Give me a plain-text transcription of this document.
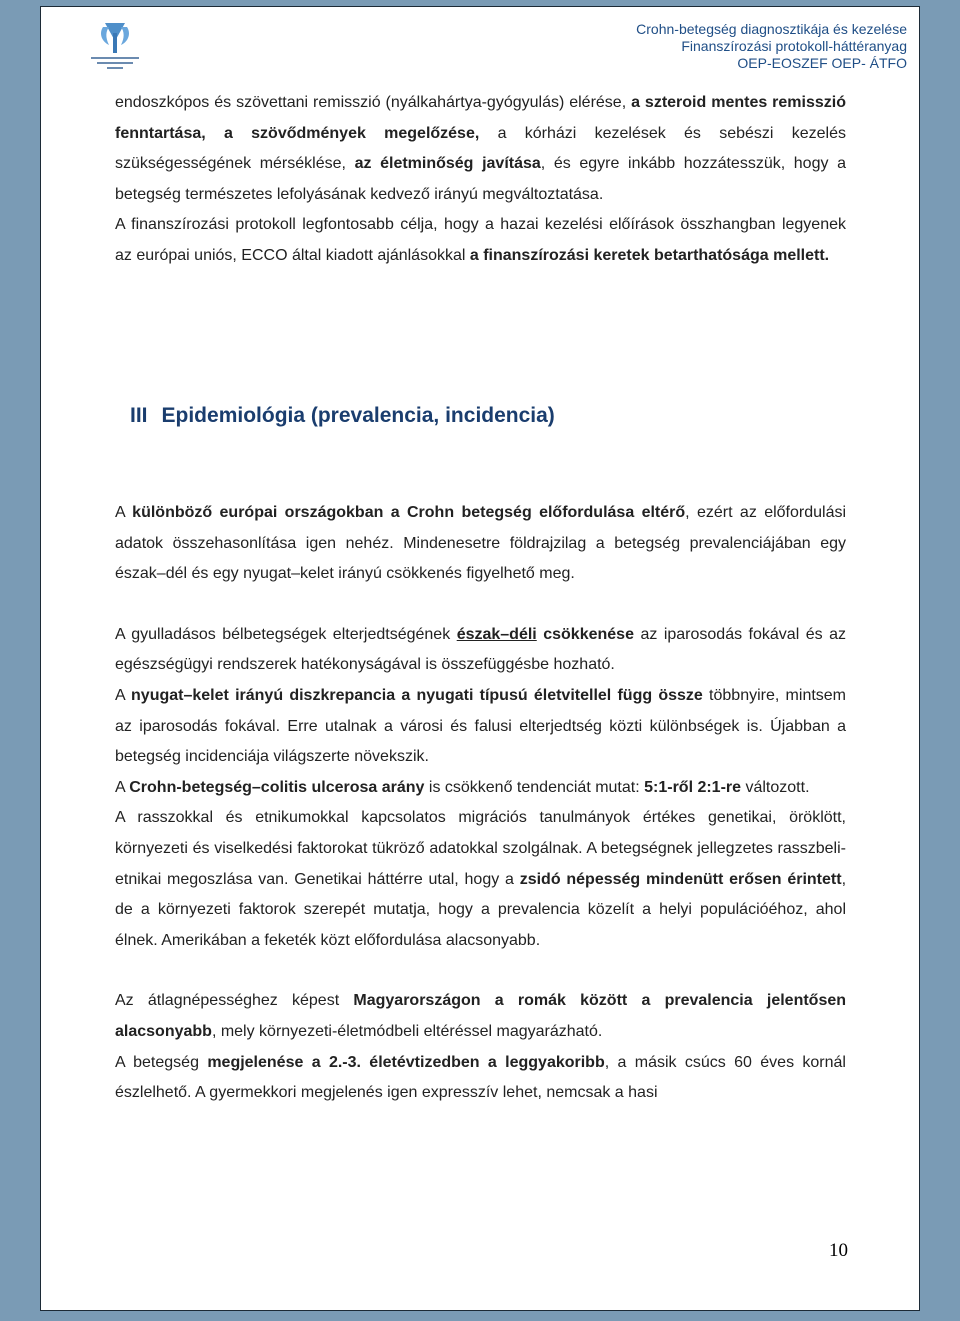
Crohn-betegség diagnosztikája és kezelése
Finanszírozási protokoll-háttéranyag
OEP-EOSZEF OEP- ÁTFO

endoszkópos és szövettani remisszió (nyálkahártya-gyógyulás) elérése, a szteroid mentes remisszió fenntartása, a szövődmények megelőzése, a kórházi kezelések és sebészi kezelés szükségességének mérséklése, az életminőség javítása, és egyre inkább hozzátesszük, hogy a betegség természetes lefolyásának kedvező irányú megváltoztatása.

A finanszírozási protokoll legfontosabb célja, hogy a hazai kezelési előírások összhangban legyenek az európai uniós, ECCO által kiadott ajánlásokkal a finanszírozási keretek betarthatósága mellett.

III Epidemiológia (prevalencia, incidencia)

A különböző európai országokban a Crohn betegség előfordulása eltérő, ezért az előfordulási adatok összehasonlítása igen nehéz. Mindenesetre földrajzilag a betegség prevalenciájában egy észak–dél és egy nyugat–kelet irányú csökkenés figyelhető meg.

A gyulladásos bélbetegségek elterjedtségének észak–déli csökkenése az iparosodás fokával és az egészségügyi rendszerek hatékonyságával is összefüggésbe hozható.

A nyugat–kelet irányú diszkrepancia a nyugati típusú életvitellel függ össze többnyire, mintsem az iparosodás fokával. Erre utalnak a városi és falusi elterjedtség közti különbségek is. Újabban a betegség incidenciája világszerte növekszik.

A Crohn-betegség–colitis ulcerosa arány is csökkenő tendenciát mutat: 5:1-ről 2:1-re változott.

A rasszokkal és etnikumokkal kapcsolatos migrációs tanulmányok értékes genetikai, öröklött, környezeti és viselkedési faktorokat tükröző adatokkal szolgálnak. A betegségnek jellegzetes rasszbeli-etnikai megoszlása van. Genetikai háttérre utal, hogy a zsidó népesség mindenütt erősen érintett, de a környezeti faktorok szerepét mutatja, hogy a prevalencia közelít a helyi populációéhoz, ahol élnek. Amerikában a feketék közt előfordulása alacsonyabb.

Az átlagnépességhez képest Magyarországon a romák között a prevalencia jelentősen alacsonyabb, mely környezeti-életmódbeli eltéréssel magyarázható.

A betegség megjelenése a 2.-3. életévtizedben a leggyakoribb, a másik csúcs 60 éves kornál észlelhető. A gyermekkori megjelenés igen expresszív lehet, nemcsak a hasi

10
